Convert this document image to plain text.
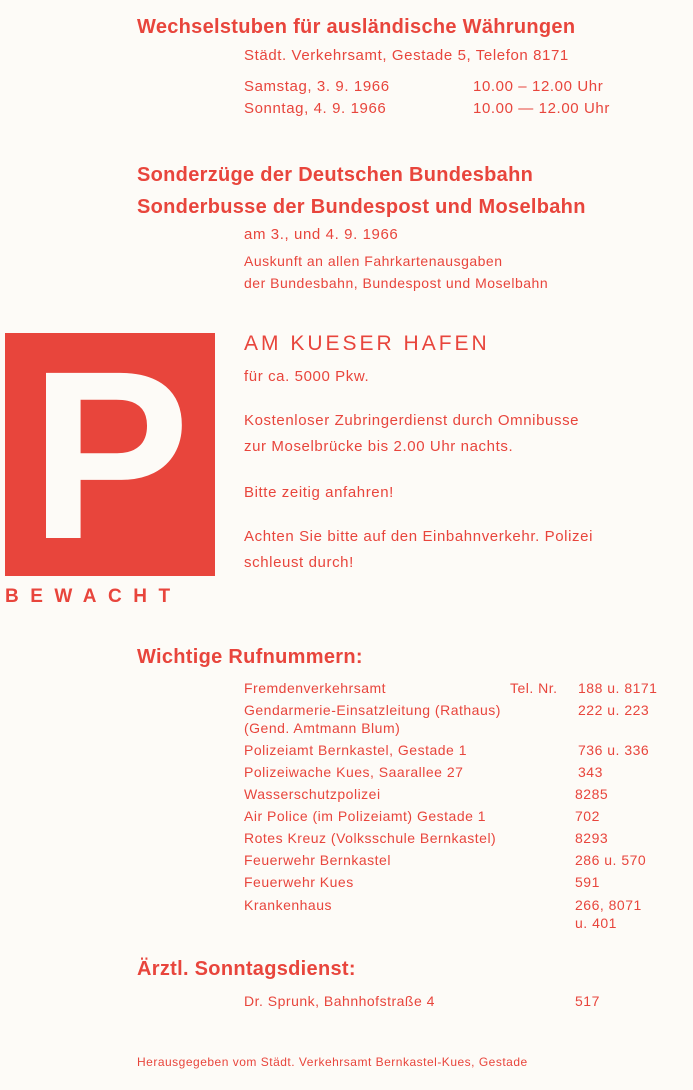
Wechselstuben für ausländische Währungen
Städt. Verkehrsamt, Gestade 5, Telefon 8171
Samstag, 3. 9. 1966	10.00 – 12.00 Uhr
Sonntag, 4. 9. 1966	10.00 — 12.00 Uhr
Sonderzüge der Deutschen Bundesbahn
Sonderbusse der Bundespost und Moselbahn
am 3., und 4. 9. 1966
Auskunft an allen Fahrkartenausgaben
der Bundesbahn, Bundespost und Moselbahn
P
BEWACHT
AM KUESER HAFEN
für ca. 5000 Pkw.
Kostenloser Zubringerdienst durch Omnibusse
zur Moselbrücke bis 2.00 Uhr nachts.
Bitte zeitig anfahren!
Achten Sie bitte auf den Einbahnverkehr. Polizei
schleust durch!
Wichtige Rufnummern:
Tel. Nr.
Fremdenverkehrsamt	188 u. 8171
Gendarmerie-Einsatzleitung (Rathaus)	222 u. 223
(Gend. Amtmann Blum)
Polizeiamt Bernkastel, Gestade 1	736 u. 336
Polizeiwache Kues, Saarallee 27	343
Wasserschutzpolizei	8285
Air Police (im Polizeiamt) Gestade 1	702
Rotes Kreuz (Volksschule Bernkastel)	8293
Feuerwehr Bernkastel	286 u. 570
Feuerwehr Kues	591
Krankenhaus	266, 8071
u. 401
Ärztl. Sonntagsdienst:
Dr. Sprunk, Bahnhofstraße 4	517
Herausgegeben vom Städt. Verkehrsamt Bernkastel-Kues, Gestade
